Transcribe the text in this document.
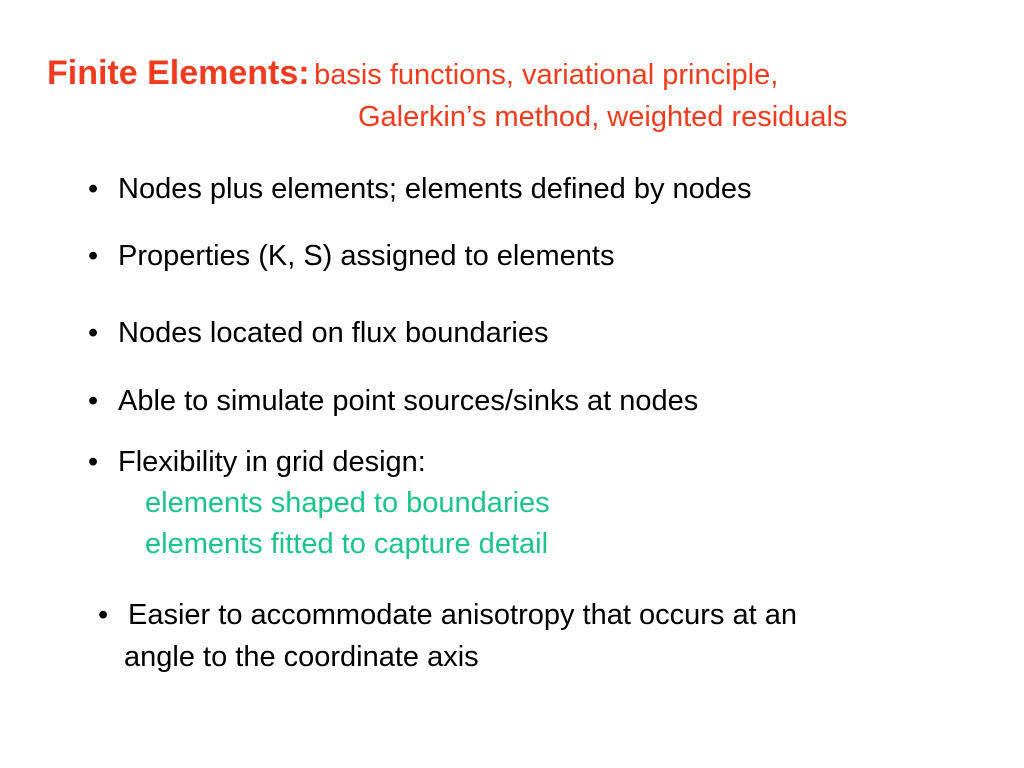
Finite Elements: basis functions, variational principle,
Galerkin’s method, weighted residuals
• Nodes plus elements; elements defined by nodes
• Properties (K, S) assigned to elements
• Nodes located on flux boundaries
• Able to simulate point sources/sinks at nodes
• Flexibility in grid design:
elements shaped to boundaries
elements fitted to capture detail
• Easier to accommodate anisotropy that occurs at an
angle to the coordinate axis
